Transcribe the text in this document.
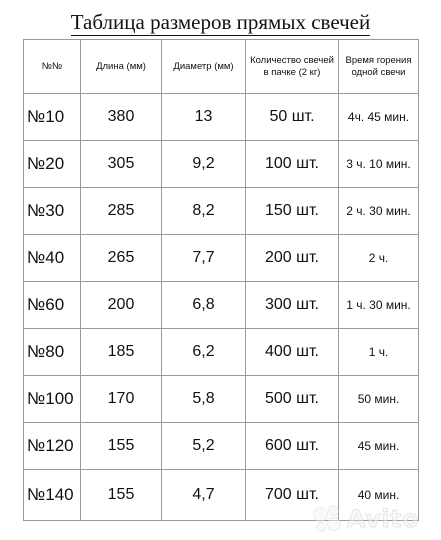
Таблица размеров прямых свечей
№№	Длина (мм)	Диаметр (мм)	Количество свечей в пачке (2 кг)	Время горения одной свечи
№10	380	13	50 шт.	4ч. 45 мин.
№20	305	9,2	100 шт.	3 ч. 10 мин.
№30	285	8,2	150 шт.	2 ч. 30 мин.
№40	265	7,7	200 шт.	2 ч.
№60	200	6,8	300 шт.	1 ч. 30 мин.
№80	185	6,2	400 шт.	1 ч.
№100	170	5,8	500 шт.	50 мин.
№120	155	5,2	600 шт.	45 мин.
№140	155	4,7	700 шт.	40 мин.
Avito
